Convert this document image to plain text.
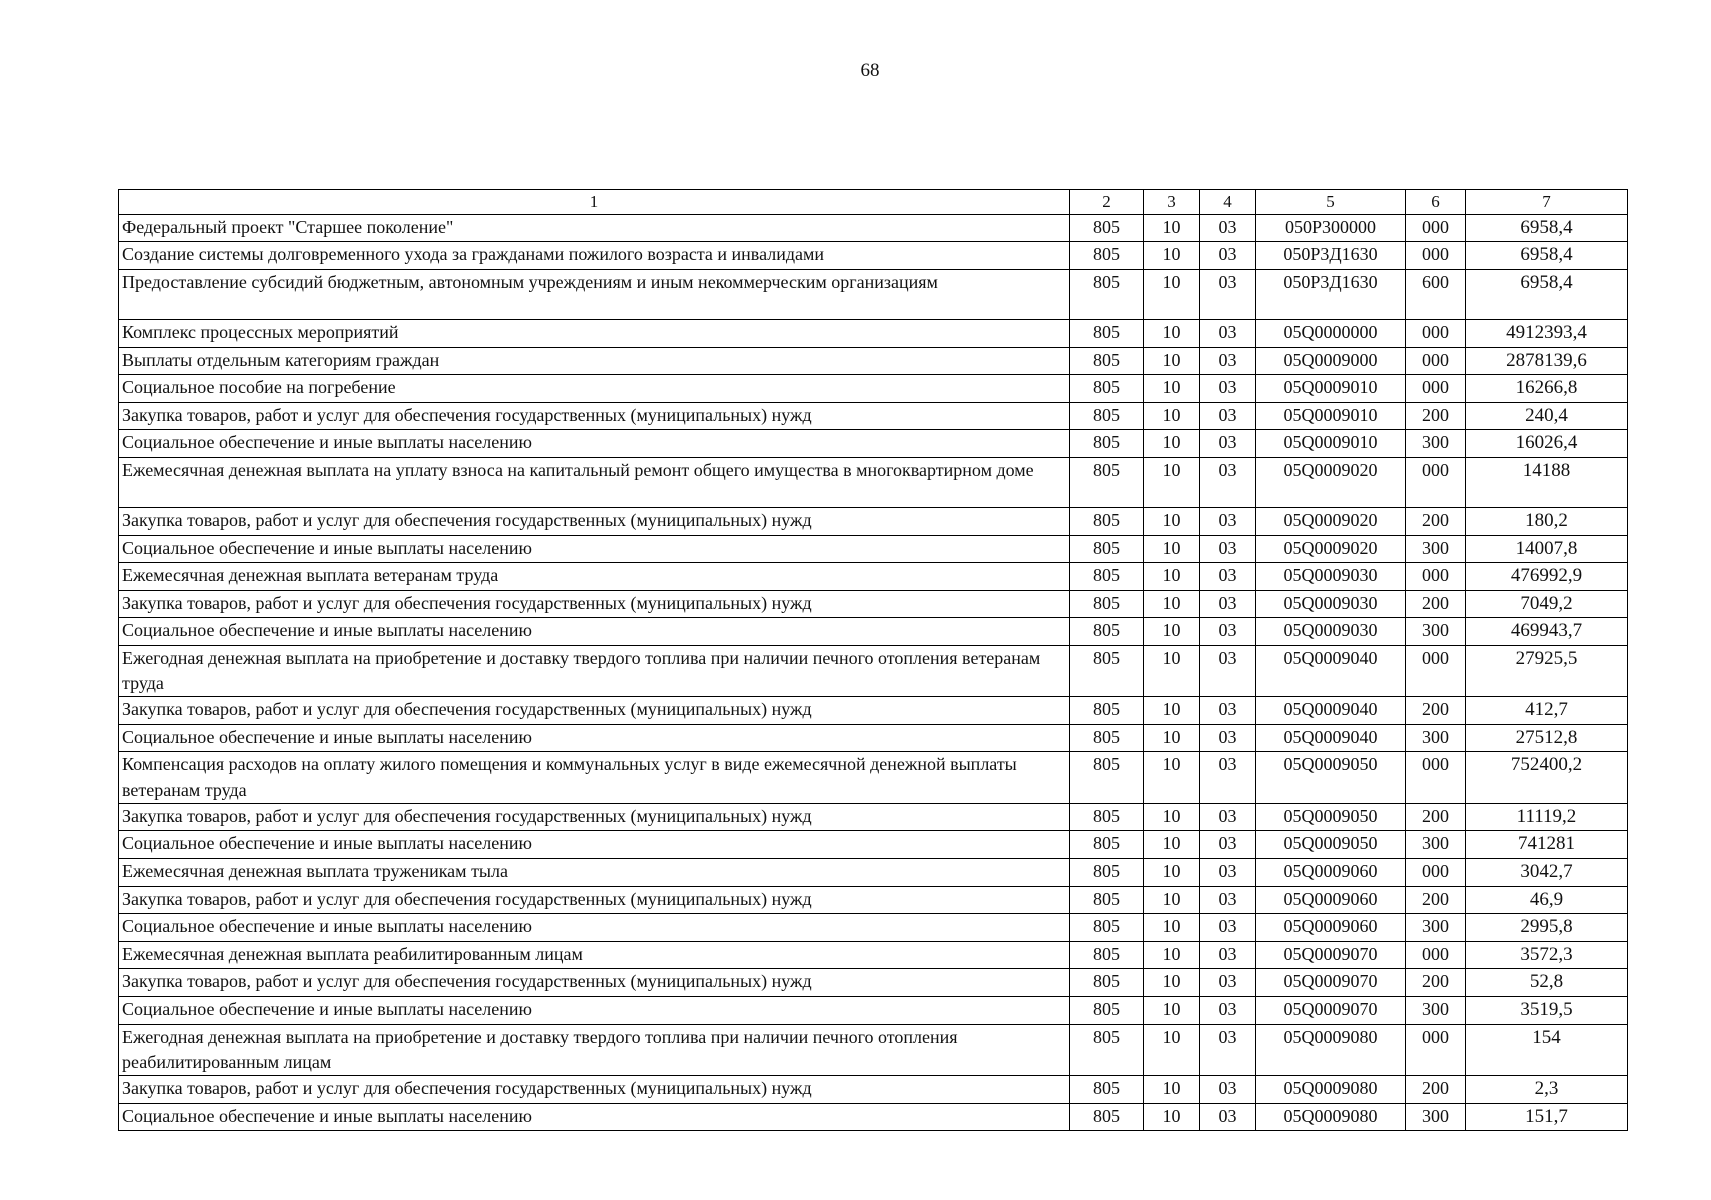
68
1	2	3	4	5	6	7
Федеральный проект "Старшее поколение"	805	10	03	050P300000	000	6958,4
Создание системы долговременного ухода за гражданами пожилого возраста и инвалидами	805	10	03	050P3Д1630	000	6958,4
Предоставление субсидий бюджетным, автономным учреждениям и иным некоммерческим организациям	805	10	03	050P3Д1630	600	6958,4
Комплекс процессных мероприятий	805	10	03	05Q0000000	000	4912393,4
Выплаты отдельным категориям граждан	805	10	03	05Q0009000	000	2878139,6
Социальное пособие на погребение	805	10	03	05Q0009010	000	16266,8
Закупка товаров, работ и услуг для обеспечения государственных (муниципальных) нужд	805	10	03	05Q0009010	200	240,4
Социальное обеспечение и иные выплаты населению	805	10	03	05Q0009010	300	16026,4
Ежемесячная денежная выплата на уплату взноса на капитальный ремонт общего имущества в многоквартирном доме	805	10	03	05Q0009020	000	14188
Закупка товаров, работ и услуг для обеспечения государственных (муниципальных) нужд	805	10	03	05Q0009020	200	180,2
Социальное обеспечение и иные выплаты населению	805	10	03	05Q0009020	300	14007,8
Ежемесячная денежная выплата ветеранам труда	805	10	03	05Q0009030	000	476992,9
Закупка товаров, работ и услуг для обеспечения государственных (муниципальных) нужд	805	10	03	05Q0009030	200	7049,2
Социальное обеспечение и иные выплаты населению	805	10	03	05Q0009030	300	469943,7
Ежегодная денежная выплата на приобретение и доставку твердого топлива при наличии печного отопления ветеранам труда	805	10	03	05Q0009040	000	27925,5
Закупка товаров, работ и услуг для обеспечения государственных (муниципальных) нужд	805	10	03	05Q0009040	200	412,7
Социальное обеспечение и иные выплаты населению	805	10	03	05Q0009040	300	27512,8
Компенсация расходов на оплату жилого помещения и коммунальных услуг в виде ежемесячной денежной выплаты ветеранам труда	805	10	03	05Q0009050	000	752400,2
Закупка товаров, работ и услуг для обеспечения государственных (муниципальных) нужд	805	10	03	05Q0009050	200	11119,2
Социальное обеспечение и иные выплаты населению	805	10	03	05Q0009050	300	741281
Ежемесячная денежная выплата труженикам тыла	805	10	03	05Q0009060	000	3042,7
Закупка товаров, работ и услуг для обеспечения государственных (муниципальных) нужд	805	10	03	05Q0009060	200	46,9
Социальное обеспечение и иные выплаты населению	805	10	03	05Q0009060	300	2995,8
Ежемесячная денежная выплата реабилитированным лицам	805	10	03	05Q0009070	000	3572,3
Закупка товаров, работ и услуг для обеспечения государственных (муниципальных) нужд	805	10	03	05Q0009070	200	52,8
Социальное обеспечение и иные выплаты населению	805	10	03	05Q0009070	300	3519,5
Ежегодная денежная выплата на приобретение и доставку твердого топлива при наличии печного отопления реабилитированным лицам	805	10	03	05Q0009080	000	154
Закупка товаров, работ и услуг для обеспечения государственных (муниципальных) нужд	805	10	03	05Q0009080	200	2,3
Социальное обеспечение и иные выплаты населению	805	10	03	05Q0009080	300	151,7
